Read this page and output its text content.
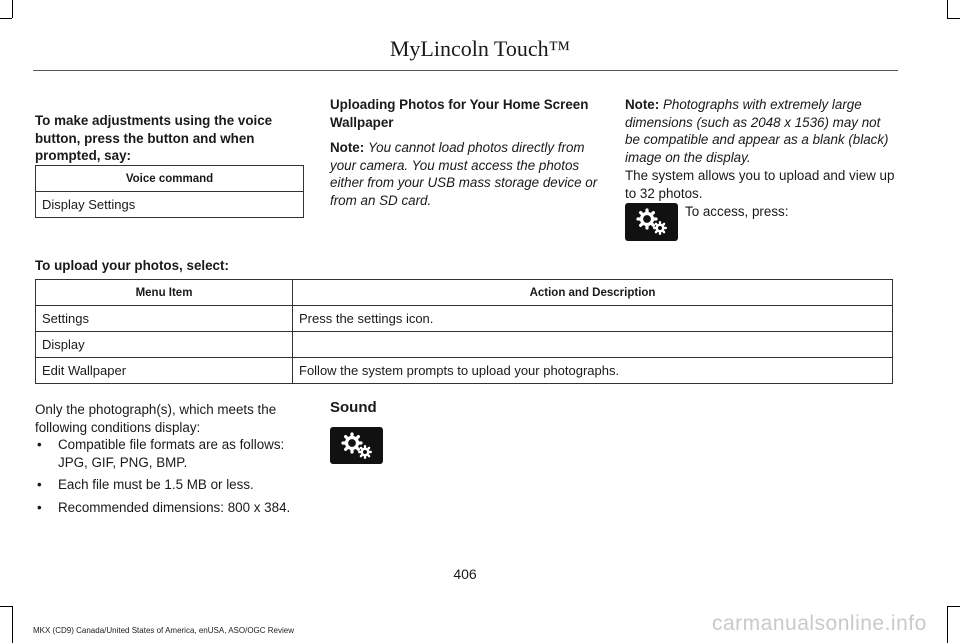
MyLincoln Touch™
To make adjustments using the voice button, press the button and when prompted, say:
Voice command
Display Settings
Uploading Photos for Your Home Screen Wallpaper
Note: You cannot load photos directly from your camera. You must access the photos either from your USB mass storage device or from an SD card.
Note: Photographs with extremely large dimensions (such as 2048 x 1536) may not be compatible and appear as a blank (black) image on the display.
The system allows you to upload and view up to 32 photos.
To access, press:
To upload your photos, select:
Menu Item	Action and Description
Settings	Press the settings icon.
Display	
Edit Wallpaper	Follow the system prompts to upload your photographs.
Only the photograph(s), which meets the following conditions display:
• Compatible file formats are as follows: JPG, GIF, PNG, BMP.
• Each file must be 1.5 MB or less.
• Recommended dimensions: 800 x 384.
Sound
406
MKX (CD9) Canada/United States of America, enUSA, ASO/OGC Review	carmanualsonline.info
